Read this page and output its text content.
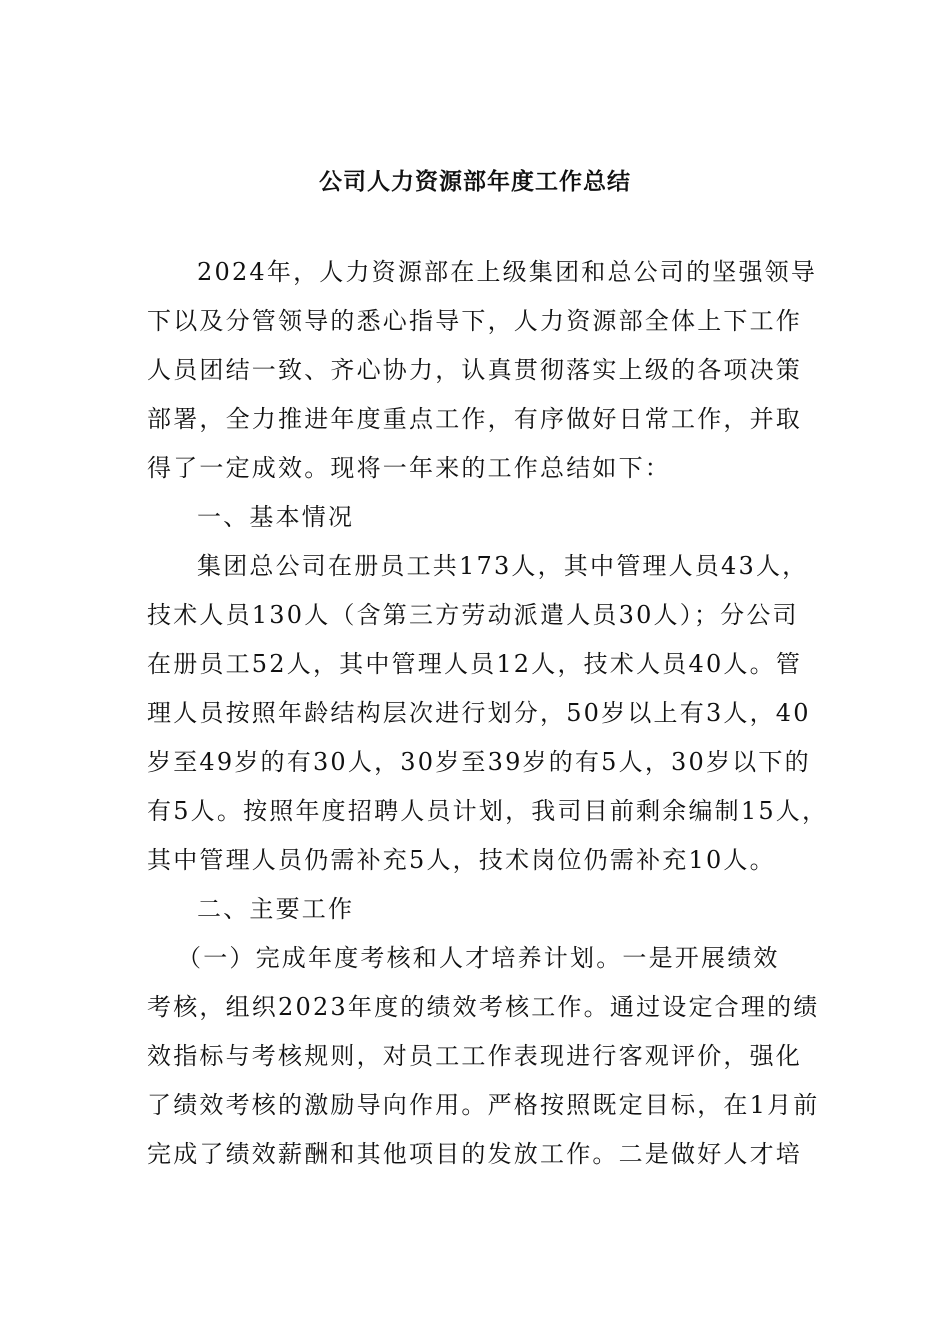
公司人力资源部年度工作总结
2024年，人力资源部在上级集团和总公司的坚强领导
下以及分管领导的悉心指导下，人力资源部全体上下工作
人员团结一致、齐心协力，认真贯彻落实上级的各项决策
部署，全力推进年度重点工作，有序做好日常工作，并取
得了一定成效。现将一年来的工作总结如下：
一、基本情况
集团总公司在册员工共173人，其中管理人员43人，
技术人员130人（含第三方劳动派遣人员30人）；分公司
在册员工52人，其中管理人员12人，技术人员40人。管
理人员按照年龄结构层次进行划分，50岁以上有3人，40
岁至49岁的有30人，30岁至39岁的有5人，30岁以下的
有5人。按照年度招聘人员计划，我司目前剩余编制15人，
其中管理人员仍需补充5人，技术岗位仍需补充10人。
二、主要工作
（一）完成年度考核和人才培养计划。一是开展绩效
考核，组织2023年度的绩效考核工作。通过设定合理的绩
效指标与考核规则，对员工工作表现进行客观评价，强化
了绩效考核的激励导向作用。严格按照既定目标，在1月前
完成了绩效薪酬和其他项目的发放工作。二是做好人才培
